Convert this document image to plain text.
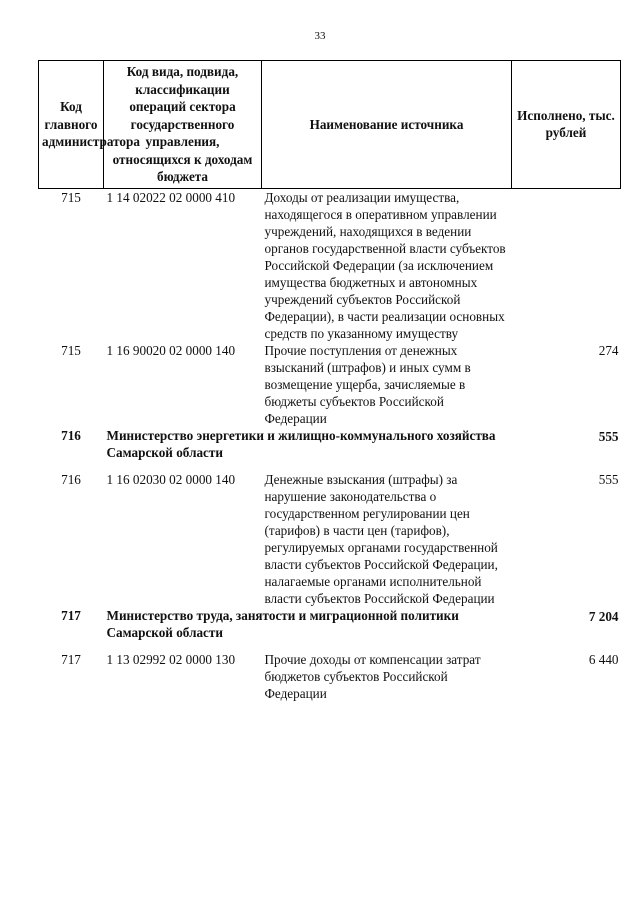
33
Код главного администратора	Код вида, подвида, классификации операций сектора государственного управления, относящихся к доходам бюджета	Наименование источника	Исполнено, тыс. рублей
715	1 14 02022 02 0000 410	Доходы от реализации имущества, находящегося в оперативном управлении учреждений, находящихся в ведении органов государственной власти субъектов Российской Федерации (за исключением имущества бюджетных и автономных учреждений субъектов Российской Федерации), в части реализации основных средств по указанному имуществу	
715	1 16 90020 02 0000 140	Прочие поступления от денежных взысканий (штрафов) и иных сумм в возмещение ущерба, зачисляемые в бюджеты субъектов Российской Федерации	274
716	Министерство энергетики и жилищно-коммунального хозяйства Самарской области		555
716	1 16 02030 02 0000 140	Денежные взыскания (штрафы) за нарушение законодательства о государственном регулировании цен (тарифов) в части цен (тарифов), регулируемых органами государственной власти субъектов Российской Федерации, налагаемые органами исполнительной власти субъектов Российской Федерации	555
717	Министерство труда, занятости и миграционной политики Самарской области		7 204
717	1 13 02992 02 0000 130	Прочие доходы от компенсации затрат бюджетов субъектов Российской Федерации	6 440
